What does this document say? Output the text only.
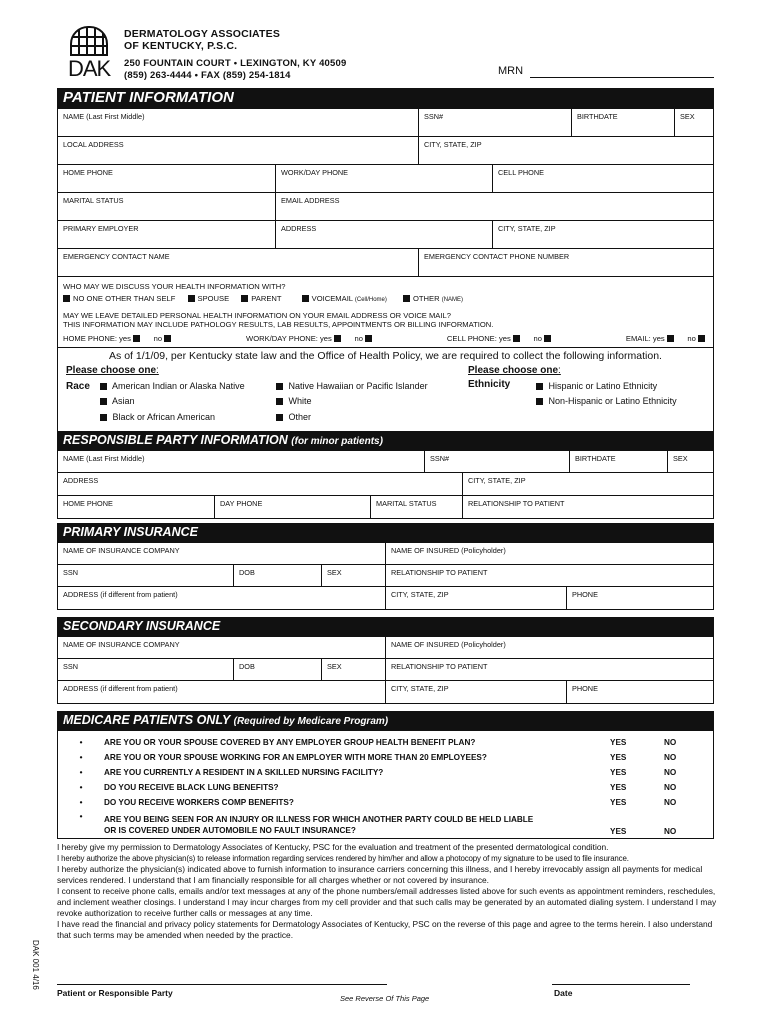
DAK
DERMATOLOGY ASSOCIATES
OF KENTUCKY, P.S.C.
250 FOUNTAIN COURT • LEXINGTON, KY 40509
(859) 263-4444 • FAX (859) 254-1814	MRN
PATIENT INFORMATION
NAME (Last First Middle)	SSN#	BIRTHDATE	SEX
LOCAL ADDRESS	CITY, STATE, ZIP
HOME PHONE	WORK/DAY PHONE	CELL PHONE
MARITAL STATUS	EMAIL ADDRESS
PRIMARY EMPLOYER	ADDRESS	CITY, STATE, ZIP
EMERGENCY CONTACT NAME	EMERGENCY CONTACT PHONE NUMBER
WHO MAY WE DISCUSS YOUR HEALTH INFORMATION WITH?
NO ONE OTHER THAN SELF	SPOUSE	PARENT	VOICEMAIL (Cell/Home)	OTHER (NAME)
MAY WE LEAVE DETAILED PERSONAL HEALTH INFORMATION ON YOUR EMAIL ADDRESS OR VOICE MAIL?
THIS INFORMATION MAY INCLUDE PATHOLOGY RESULTS, LAB RESULTS, APPOINTMENTS OR BILLING INFORMATION.
HOME PHONE: yes	no	WORK/DAY PHONE: yes	no	CELL PHONE: yes	no	EMAIL: yes	no
As of 1/1/09, per Kentucky state law and the Office of Health Policy, we are required to collect the following information.
Please choose one:	Please choose one:
Race	Ethnicity
American Indian or Alaska Native
Asian
Black or African American
Native Hawaiian or Pacific Islander
White
Other
Hispanic or Latino Ethnicity
Non-Hispanic or Latino Ethnicity
RESPONSIBLE PARTY INFORMATION (for minor patients)
NAME (Last First Middle)	SSN#	BIRTHDATE	SEX
ADDRESS	CITY, STATE, ZIP
HOME PHONE	DAY PHONE	MARITAL STATUS	RELATIONSHIP TO PATIENT
PRIMARY INSURANCE
NAME OF INSURANCE COMPANY	NAME OF INSURED (Policyholder)
SSN	DOB	SEX	RELATIONSHIP TO PATIENT
ADDRESS (if different from patient)	CITY, STATE, ZIP	PHONE
SECONDARY INSURANCE
NAME OF INSURANCE COMPANY	NAME OF INSURED (Policyholder)
SSN	DOB	SEX	RELATIONSHIP TO PATIENT
ADDRESS (if different from patient)	CITY, STATE, ZIP	PHONE
MEDICARE PATIENTS ONLY (Required by Medicare Program)
•	ARE YOU OR YOUR SPOUSE COVERED BY ANY EMPLOYER GROUP HEALTH BENEFIT PLAN?	YES	NO
•	ARE YOU OR YOUR SPOUSE WORKING FOR AN EMPLOYER WITH MORE THAN 20 EMPLOYEES?	YES	NO
•	ARE YOU CURRENTLY A RESIDENT IN A SKILLED NURSING FACILITY?	YES	NO
•	DO YOU RECEIVE BLACK LUNG BENEFITS?	YES	NO
•	DO YOU RECEIVE WORKERS COMP BENEFITS?	YES	NO
•	ARE YOU BEING SEEN FOR AN INJURY OR ILLNESS FOR WHICH ANOTHER PARTY COULD BE HELD LIABLE
OR IS COVERED UNDER AUTOMOBILE NO FAULT INSURANCE?	YES	NO

I hereby give my permission to Dermatology Associates of Kentucky, PSC for the evaluation and treatment of the presented dermatological condition.

I hereby authorize the above physician(s) to release information regarding services rendered by him/her and allow a photocopy of my signature to be used to file insurance.

I hereby authorize the physician(s) indicated above to furnish information to insurance carriers concerning this illness, and I hereby irrevocably assign all payments for medical services rendered. I understand that I am financially responsible for all charges whether or not covered by insurance.

I consent to receive phone calls, emails and/or text messages at any of the phone numbers/email addresses listed above for such events as appointment reminders, reschedules, and inclement weather closings. I understand I may incur charges from my cell provider and that such calls may be generated by an automated dialing system. I understand I may revoke authorization to receive further calls or messages at any time.

I have read the financial and privacy policy statements for Dermatology Associates of Kentucky, PSC on the reverse of this page and agree to the terms herein. I also understand that such terms may be amended when needed by the practice.

DAK 001 4/16
Patient or Responsible Party
See Reverse Of This Page
Date
